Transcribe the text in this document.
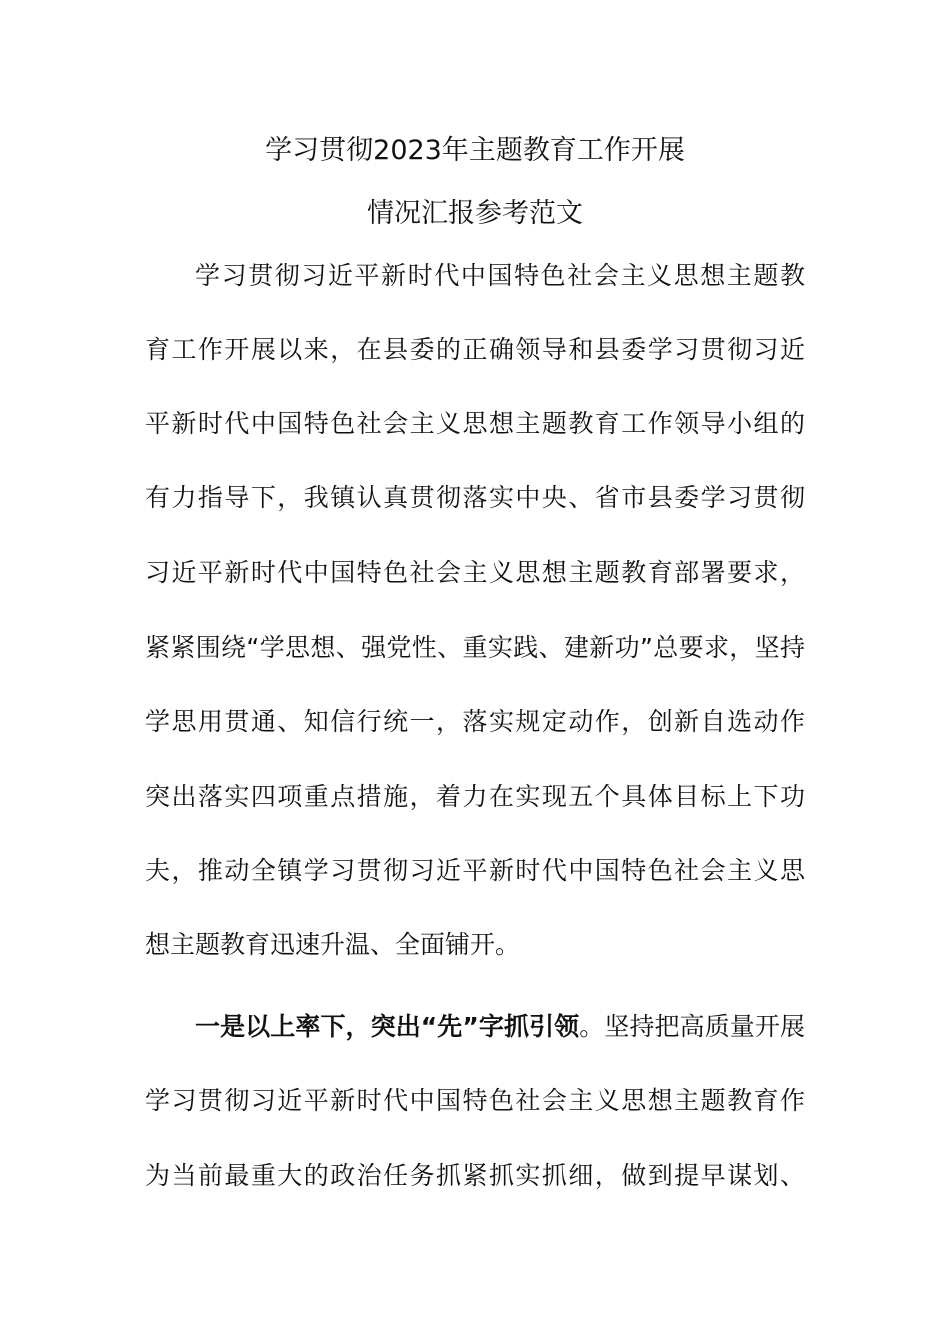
学习贯彻2023年主题教育工作开展
情况汇报参考范文
学习贯彻习近平新时代中国特色社会主义思想主题教
育工作开展以来，在县委的正确领导和县委学习贯彻习近
平新时代中国特色社会主义思想主题教育工作领导小组的
有力指导下，我镇认真贯彻落实中央、省市县委学习贯彻
习近平新时代中国特色社会主义思想主题教育部署要求，
紧紧围绕“学思想、强党性、重实践、建新功”总要求，坚持
学思用贯通、知信行统一，落实规定动作，创新自选动作
突出落实四项重点措施，着力在实现五个具体目标上下功
夫，推动全镇学习贯彻习近平新时代中国特色社会主义思
想主题教育迅速升温、全面铺开。
一是以上率下，突出“先”字抓引领。坚持把高质量开展
学习贯彻习近平新时代中国特色社会主义思想主题教育作
为当前最重大的政治任务抓紧抓实抓细，做到提早谋划、
